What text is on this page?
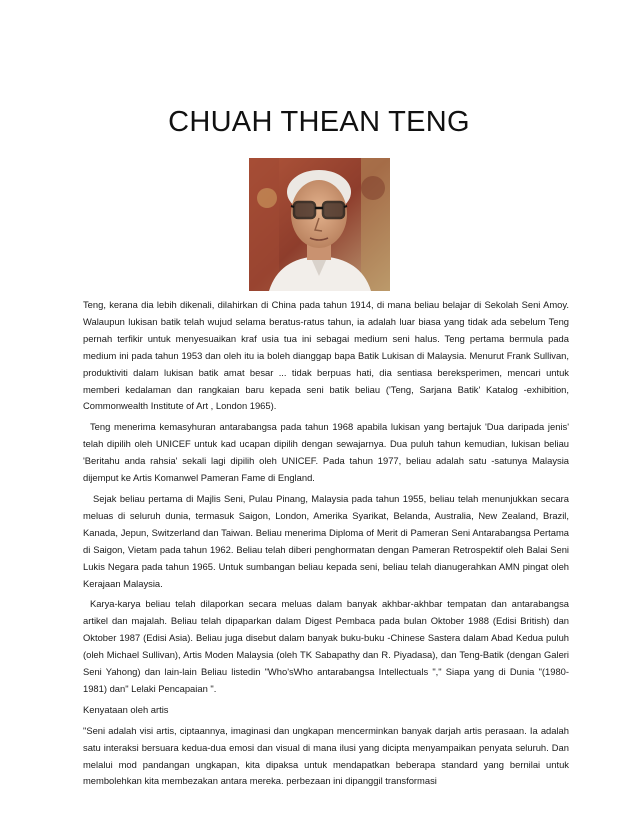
CHUAH THEAN TENG

Teng, kerana dia lebih dikenali, dilahirkan di China pada tahun 1914, di mana beliau belajar di Sekolah Seni Amoy. Walaupun lukisan batik telah wujud selama beratus-ratus tahun, ia adalah luar biasa yang tidak ada sebelum Teng pernah terfikir untuk menyesuaikan kraf usia tua ini sebagai medium seni halus. Teng pertama bermula pada medium ini pada tahun 1953 dan oleh itu ia boleh dianggap bapa Batik Lukisan di Malaysia. Menurut Frank Sullivan, produktiviti dalam lukisan batik amat besar ... tidak berpuas hati, dia sentiasa bereksperimen, mencari untuk memberi kedalaman dan rangkaian baru kepada seni batik beliau ('Teng, Sarjana Batik' Katalog -exhibition, Commonwealth Institute of Art , London 1965).

Teng menerima kemasyhuran antarabangsa pada tahun 1968 apabila lukisan yang bertajuk 'Dua daripada jenis' telah dipilih oleh UNICEF untuk kad ucapan dipilih dengan sewajarnya. Dua puluh tahun kemudian, lukisan beliau 'Beritahu anda rahsia' sekali lagi dipilih oleh UNICEF. Pada tahun 1977, beliau adalah satu -satunya Malaysia dijemput ke Artis Komanwel Pameran Fame di England.

Sejak beliau pertama di Majlis Seni, Pulau Pinang, Malaysia pada tahun 1955, beliau telah menunjukkan secara meluas di seluruh dunia, termasuk Saigon, London, Amerika Syarikat, Belanda, Australia, New Zealand, Brazil, Kanada, Jepun, Switzerland dan Taiwan. Beliau menerima Diploma of Merit di Pameran Seni Antarabangsa Pertama di Saigon, Vietam pada tahun 1962. Beliau telah diberi penghormatan dengan Pameran Retrospektif oleh Balai Seni Lukis Negara pada tahun 1965. Untuk sumbangan beliau kepada seni, beliau telah dianugerahkan AMN pingat oleh Kerajaan Malaysia.

Karya-karya beliau telah dilaporkan secara meluas dalam banyak akhbar-akhbar tempatan dan antarabangsa artikel dan majalah. Beliau telah dipaparkan dalam Digest Pembaca pada bulan Oktober 1988 (Edisi British) dan Oktober 1987 (Edisi Asia). Beliau juga disebut dalam banyak buku-buku -Chinese Sastera dalam Abad Kedua puluh (oleh Michael Sullivan), Artis Moden Malaysia (oleh TK Sabapathy dan R. Piyadasa), dan Teng-Batik (dengan Galeri Seni Yahong) dan lain-lain Beliau listedin "Who'sWho antarabangsa Intellectuals "," Siapa yang di Dunia "(1980-1981) dan" Lelaki Pencapaian ".

Kenyataan oleh artis

"Seni adalah visi artis, ciptaannya, imaginasi dan ungkapan mencerminkan banyak darjah artis perasaan. Ia adalah satu interaksi bersuara kedua-dua emosi dan visual di mana ilusi yang dicipta menyampaikan penyata seluruh. Dan melalui mod pandangan ungkapan, kita dipaksa untuk mendapatkan beberapa standard yang bernilai untuk membolehkan kita membezakan antara mereka. perbezaan ini dipanggil transformasi
